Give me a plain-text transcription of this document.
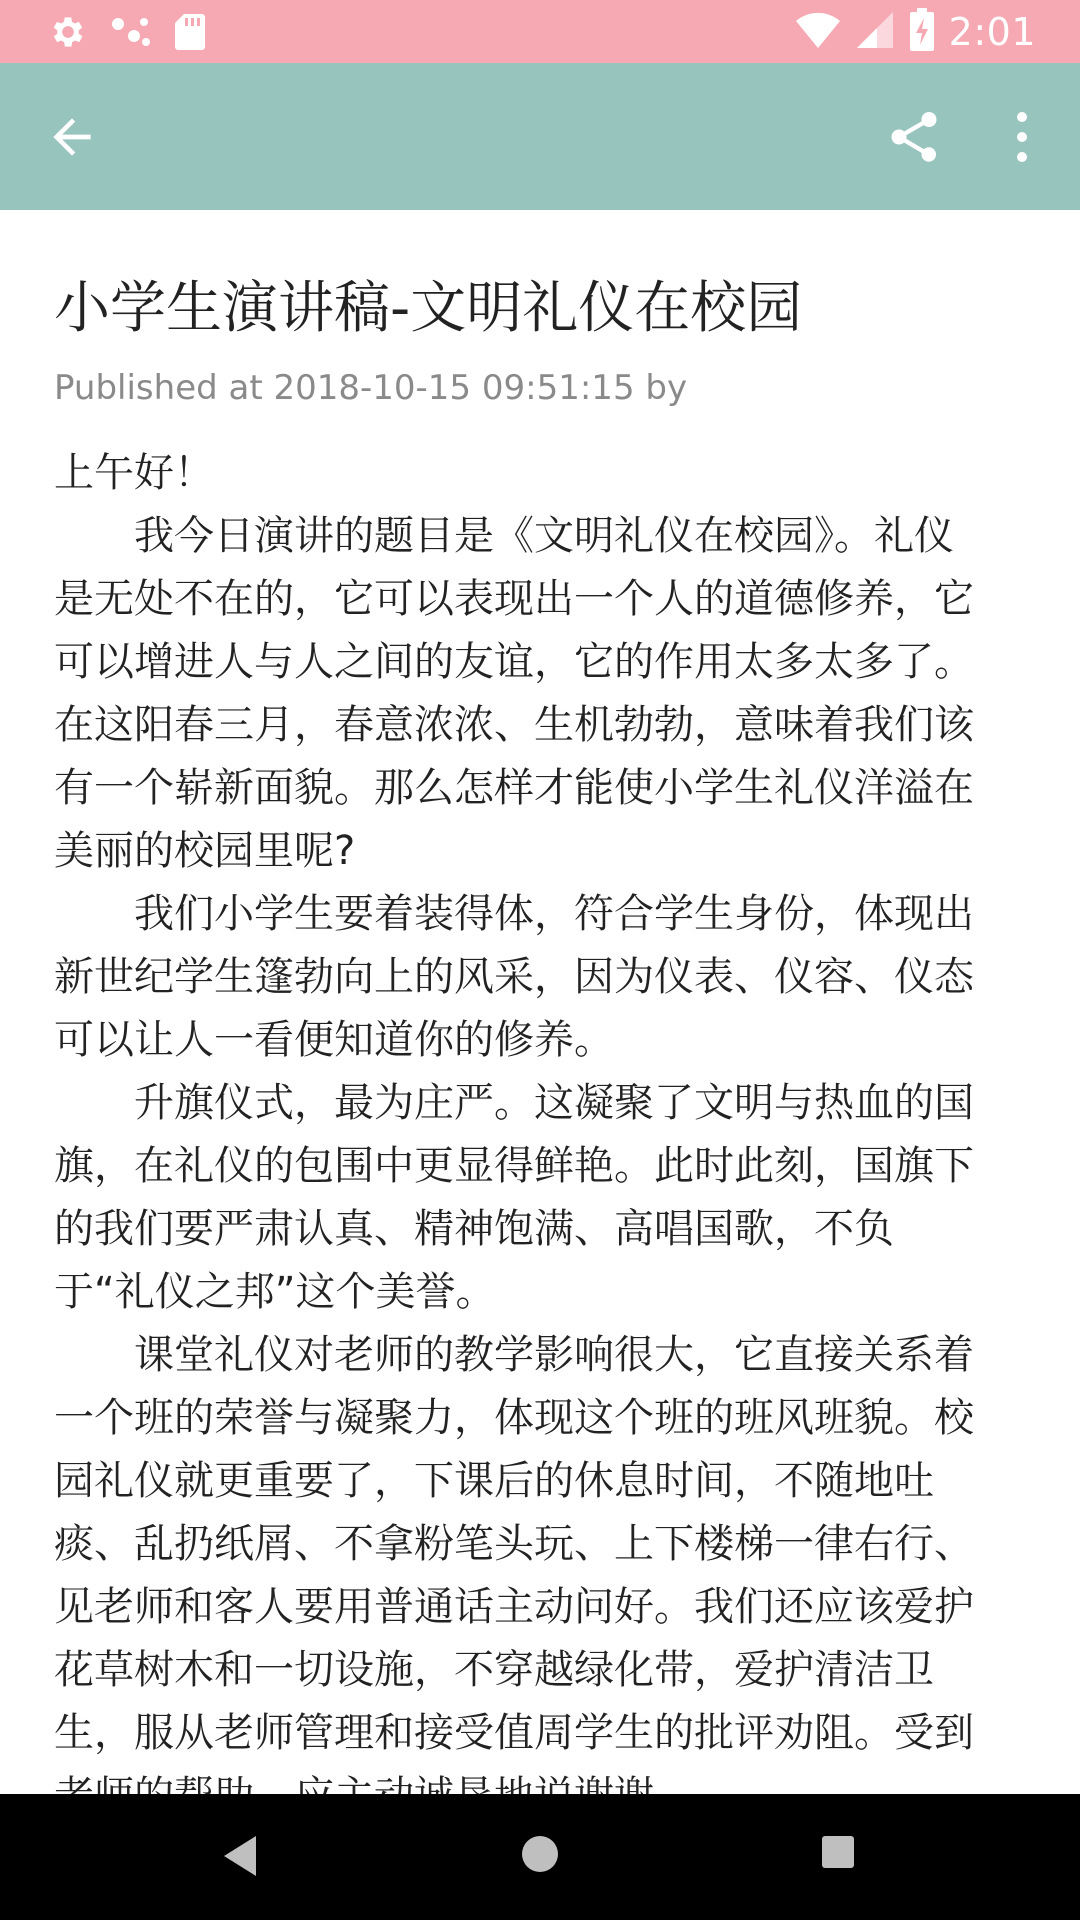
2:01
小学生演讲稿-文明礼仪在校园
Published at 2018-10-15 09:51:15 by
上午好！
　　我今日演讲的题目是《文明礼仪在校园》。礼仪
是无处不在的，它可以表现出一个人的道德修养，它
可以增进人与人之间的友谊，它的作用太多太多了。
在这阳春三月，春意浓浓、生机勃勃，意味着我们该
有一个崭新面貌。那么怎样才能使小学生礼仪洋溢在
美丽的校园里呢?
　　我们小学生要着装得体，符合学生身份，体现出
新世纪学生篷勃向上的风采，因为仪表、仪容、仪态
可以让人一看便知道你的修养。
　　升旗仪式，最为庄严。这凝聚了文明与热血的国
旗，在礼仪的包围中更显得鲜艳。此时此刻，国旗下
的我们要严肃认真、精神饱满、高唱国歌，不负
于“礼仪之邦”这个美誉。
　　课堂礼仪对老师的教学影响很大，它直接关系着
一个班的荣誉与凝聚力，体现这个班的班风班貌。校
园礼仪就更重要了，下课后的休息时间，不随地吐
痰、乱扔纸屑、不拿粉笔头玩、上下楼梯一律右行、
见老师和客人要用普通话主动问好。我们还应该爱护
花草树木和一切设施，不穿越绿化带，爱护清洁卫
生，服从老师管理和接受值周学生的批评劝阻。受到
